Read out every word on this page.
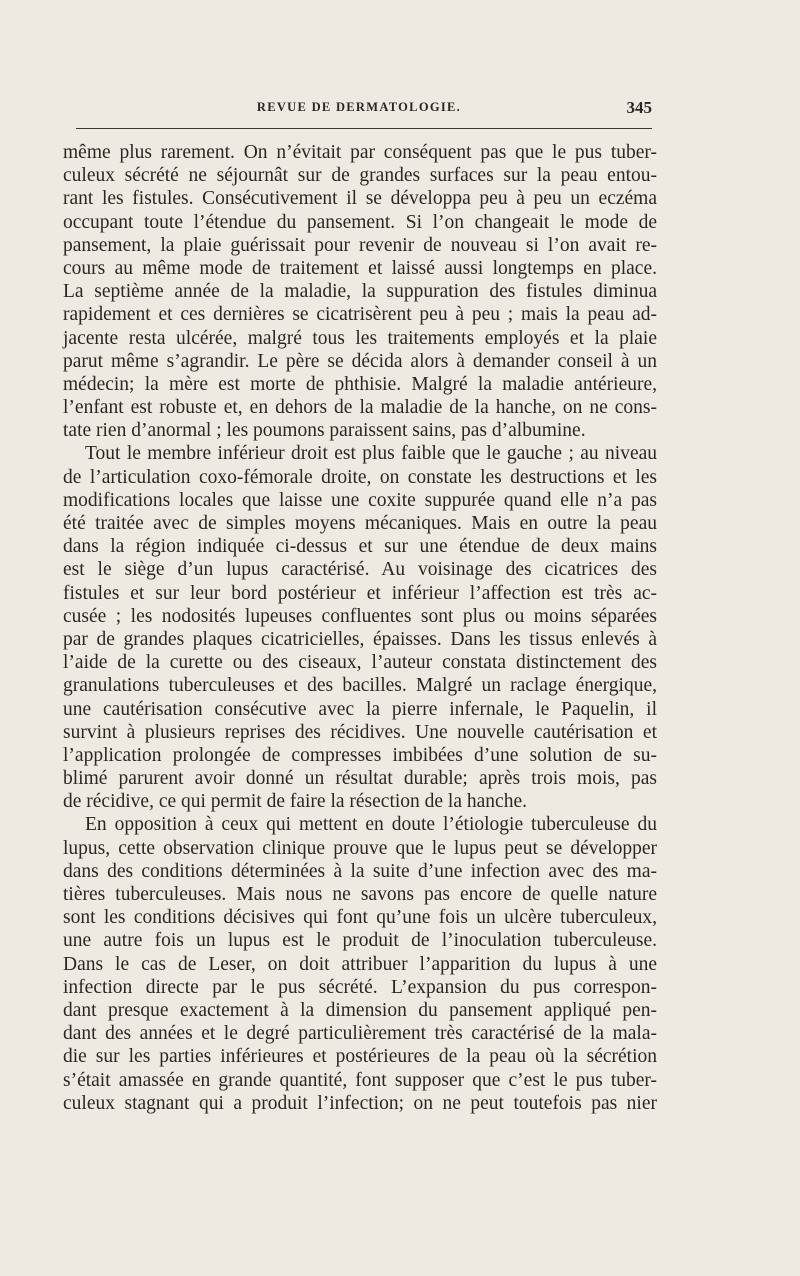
REVUE DE DERMATOLOGIE.	345
même plus rarement. On n’évitait par conséquent pas que le pus tuber-
culeux sécrété ne séjournât sur de grandes surfaces sur la peau entou-
rant les fistules. Consécutivement il se développa peu à peu un eczéma
occupant toute l’étendue du pansement. Si l’on changeait le mode de
pansement, la plaie guérissait pour revenir de nouveau si l’on avait re-
cours au même mode de traitement et laissé aussi longtemps en place.
La septième année de la maladie, la suppuration des fistules diminua
rapidement et ces dernières se cicatrisèrent peu à peu ; mais la peau ad-
jacente resta ulcérée, malgré tous les traitements employés et la plaie
parut même s’agrandir. Le père se décida alors à demander conseil à un
médecin; la mère est morte de phthisie. Malgré la maladie antérieure,
l’enfant est robuste et, en dehors de la maladie de la hanche, on ne cons-
tate rien d’anormal ; les poumons paraissent sains, pas d’albumine.
Tout le membre inférieur droit est plus faible que le gauche ; au niveau
de l’articulation coxo-fémorale droite, on constate les destructions et les
modifications locales que laisse une coxite suppurée quand elle n’a pas
été traitée avec de simples moyens mécaniques. Mais en outre la peau
dans la région indiquée ci-dessus et sur une étendue de deux mains
est le siège d’un lupus caractérisé. Au voisinage des cicatrices des
fistules et sur leur bord postérieur et inférieur l’affection est très ac-
cusée ; les nodosités lupeuses confluentes sont plus ou moins séparées
par de grandes plaques cicatricielles, épaisses. Dans les tissus enlevés à
l’aide de la curette ou des ciseaux, l’auteur constata distinctement des
granulations tuberculeuses et des bacilles. Malgré un raclage énergique,
une cautérisation consécutive avec la pierre infernale, le Paquelin, il
survint à plusieurs reprises des récidives. Une nouvelle cautérisation et
l’application prolongée de compresses imbibées d’une solution de su-
blimé parurent avoir donné un résultat durable; après trois mois, pas
de récidive, ce qui permit de faire la résection de la hanche.
En opposition à ceux qui mettent en doute l’étiologie tuberculeuse du
lupus, cette observation clinique prouve que le lupus peut se développer
dans des conditions déterminées à la suite d’une infection avec des ma-
tières tuberculeuses. Mais nous ne savons pas encore de quelle nature
sont les conditions décisives qui font qu’une fois un ulcère tuberculeux,
une autre fois un lupus est le produit de l’inoculation tuberculeuse.
Dans le cas de Leser, on doit attribuer l’apparition du lupus à une
infection directe par le pus sécrété. L’expansion du pus correspon-
dant presque exactement à la dimension du pansement appliqué pen-
dant des années et le degré particulièrement très caractérisé de la mala-
die sur les parties inférieures et postérieures de la peau où la sécrétion
s’était amassée en grande quantité, font supposer que c’est le pus tuber-
culeux stagnant qui a produit l’infection; on ne peut toutefois pas nier
